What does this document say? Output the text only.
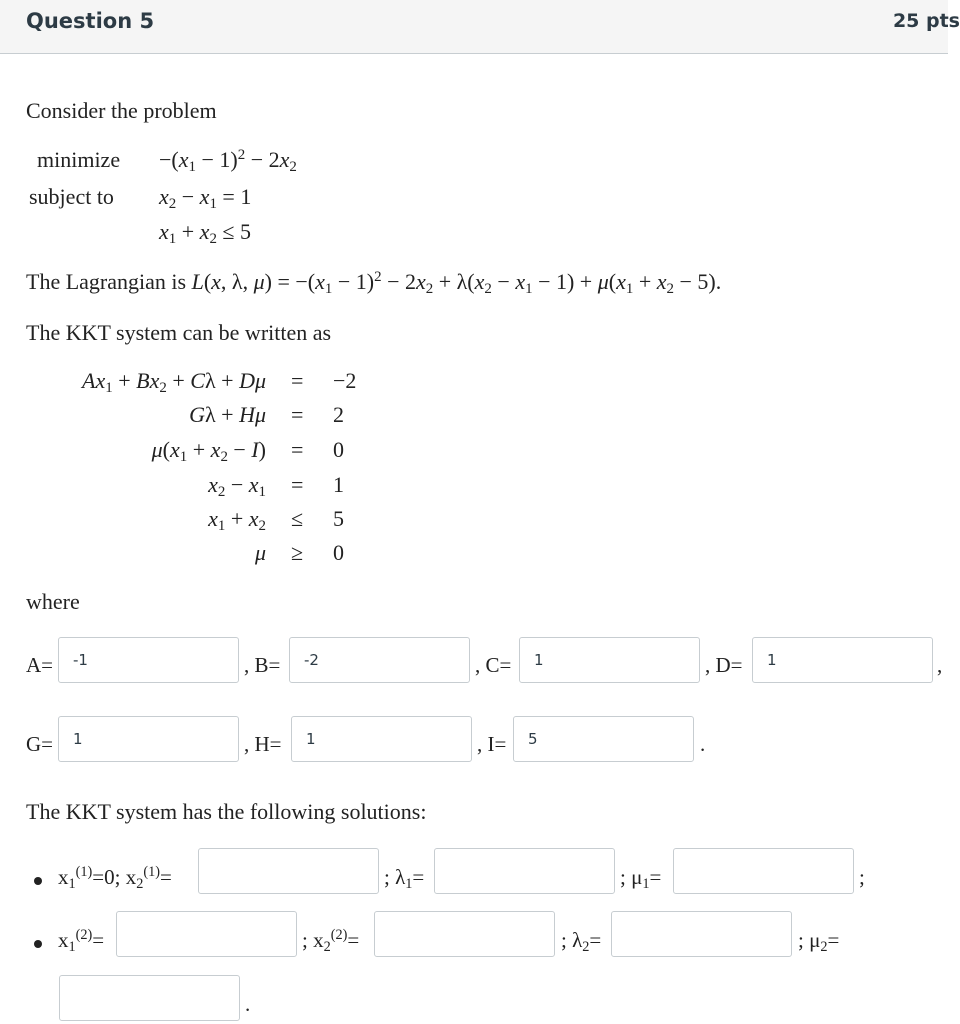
Question 5	25 pts
Consider the problem
minimize $-(x_1 - 1)^2 - 2x_2$
subject to $x_2 - x_1 = 1$
$x_1 + x_2 \le 5$
The Lagrangian is L(x, λ, $\mu) = -(x_1 - 1)^2 - 2x_2 + \lambda(x_2 - x_1 - 1) + \mu(x_1 + x_2 - 5)$.
The KKT system can be written as
$Ax_1 + Bx_2 + C\lambda + D\mu = -2$
Gλ + Hμ = 2
$\mu(x_1 + x_2 - I) = 0$
$x_2 - x_1 = 1$
$x_1 + x_2 \le 5$
μ ≥ 0
where
A=	-1	, B=	-2	, C=	1	, D=	1	,
G=	1	, H=	1	, I=	5	.
The KKT system has the following solutions:
$x_1^{(1)}=0$; $x_2^{(1)}=$	; $\lambda_1=$	; $\mu_1=$	;
$x_1^{(2)}=$	; $x_2^{(2)}=$	; $\lambda_2=$	; $\mu_2=$
.
